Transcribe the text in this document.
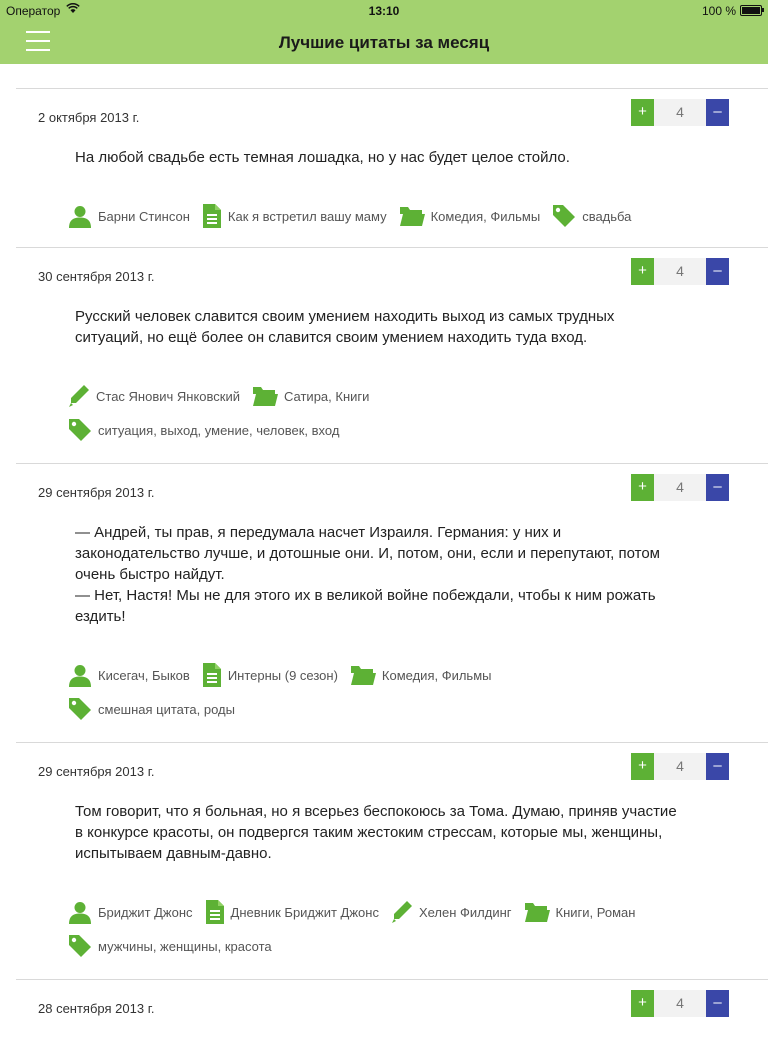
Оператор	13:10	100 %
Лучшие цитаты за месяц
2 октября 2013 г.	+	4	–
На любой свадьбе есть темная лошадка, но у нас будет целое стойло.
Барни Стинсон	Как я встретил вашу маму	Комедия, Фильмы	свадьба
30 сентября 2013 г.	+	4	–
Русский человек славится своим умением находить выход из самых трудных ситуаций, но ещё более он славится своим умением находить туда вход.
Стас Янович Янковский	Сатира, Книги
ситуация, выход, умение, человек, вход
29 сентября 2013 г.	+	4	–
— Андрей, ты прав, я передумала насчет Израиля. Германия: у них и законодательство лучше, и дотошные они. И, потом, они, если и перепутают, потом очень быстро найдут.
— Нет, Настя! Мы не для этого их в великой войне побеждали, чтобы к ним рожать ездить!
Кисегач, Быков	Интерны (9 сезон)	Комедия, Фильмы
смешная цитата, роды
29 сентября 2013 г.	+	4	–
Том говорит, что я больная, но я всерьез беспокоюсь за Тома. Думаю, приняв участие в конкурсе красоты, он подвергся таким жестоким стрессам, которые мы, женщины, испытываем давным-давно.
Бриджит Джонс	Дневник Бриджит Джонс	Хелен Филдинг	Книги, Роман
мужчины, женщины, красота
28 сентября 2013 г.	+	4	–
